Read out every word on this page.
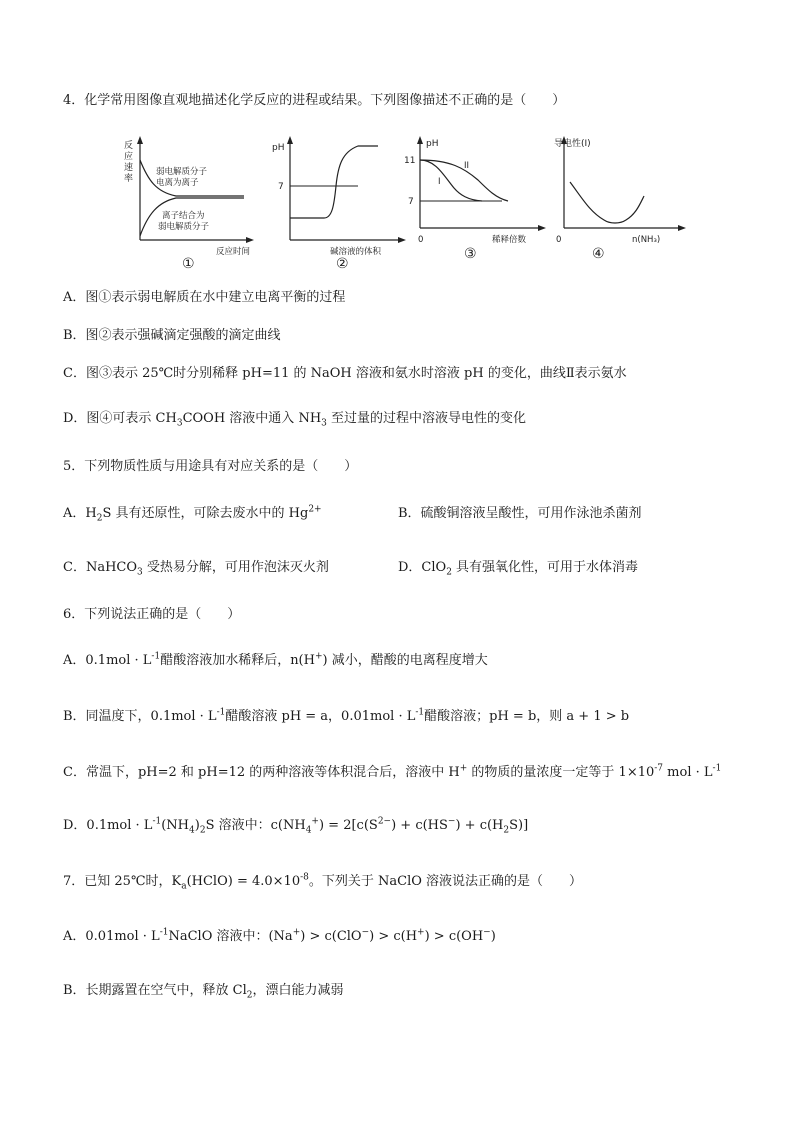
4．化学常用图像直观地描述化学反应的进程或结果。下列图像描述不正确的是（　　）
反
应
速
率
弱电解质分子
电离为离子
离子结合为
弱电解质分子
反应时间
①
pH
7
碱溶液的体积
②
pH
11
7
0
I
II
稀释倍数
③
导电性(I)
0	n(NH₃)
④
A．图①表示弱电解质在水中建立电离平衡的过程
B．图②表示强碱滴定强酸的滴定曲线
C．图③表示 25℃时分别稀释 pH=11 的 NaOH 溶液和氨水时溶液 pH 的变化，曲线Ⅱ表示氨水
D．图④可表示 $CH_3COOH$ 溶液中通入 $NH_3$ 至过量的过程中溶液导电性的变化
5．下列物质性质与用途具有对应关系的是（　　）
A．$H_2S$ 具有还原性，可除去废水中的 $Hg^{2+}$	B．硫酸铜溶液呈酸性，可用作泳池杀菌剂
C．NaHCO$_3$ 受热易分解，可用作泡沫灭火剂	D．ClO$_2$ 具有强氧化性，可用于水体消毒
6．下列说法正确的是（　　）
A．$0.1mol \cdot L^{-1}$醋酸溶液加水稀释后，n(H+) 减小，醋酸的电离程度增大
B．同温度下，$0.1mol \cdot L^{-1}$醋酸溶液 pH = a，$0.01mol \cdot L^{-1}$醋酸溶液；pH = b，则 a + 1 > b
C．常温下，pH=2 和 pH=12 的两种溶液等体积混合后，溶液中 H+ 的物质的量浓度一定等于 $1\times 10^{-7}$ mol · $L^{-1}$
D．$0.1mol \cdot L^{-1}(NH_4)_2S$ 溶液中：$c(NH_4^+) = 2[c(S^{2-}) + c(HS^-) + c(H_2S)]$
7．已知 25℃时，$K_a(HClO) = 4.0\times 10^{-8}$。下列关于 NaClO 溶液说法正确的是（　　）
A．$0.01mol \cdot L^{-1}NaClO$ 溶液中：(Na+) > c(ClO−) > c(H+) > c(OH−)
B．长期露置在空气中，释放 $Cl_2$，漂白能力减弱
